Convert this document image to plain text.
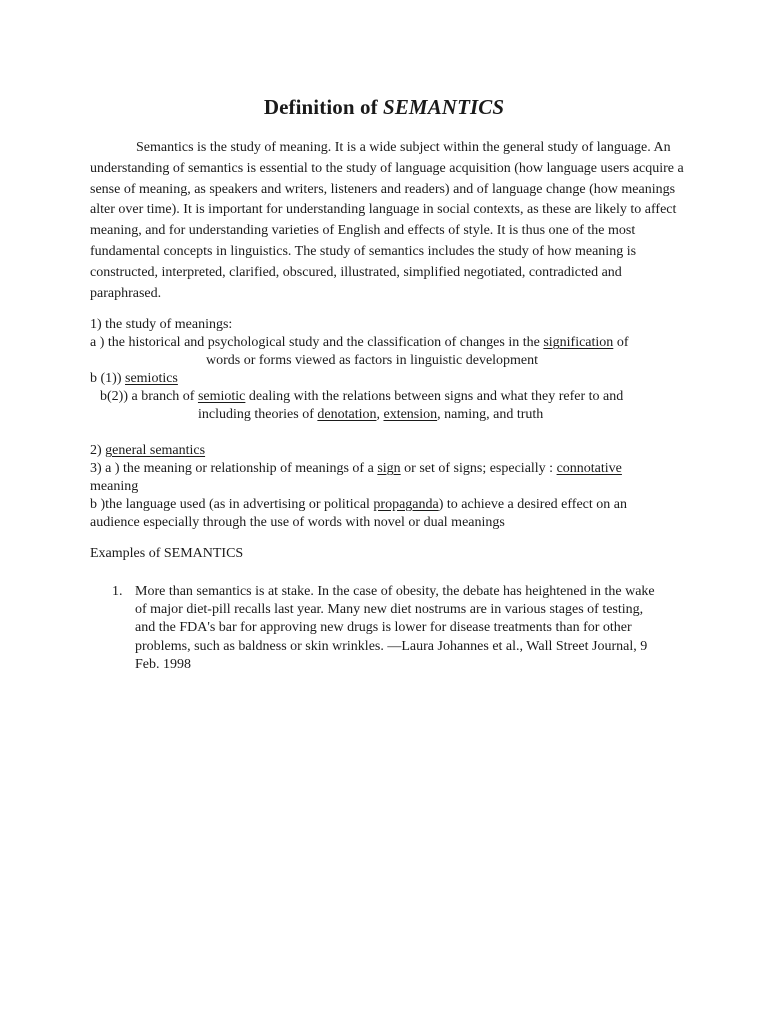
Definition of SEMANTICS
Semantics is the study of meaning. It is a wide subject within the general study of language. An understanding of semantics is essential to the study of language acquisition (how language users acquire a sense of meaning, as speakers and writers, listeners and readers) and of language change (how meanings alter over time). It is important for understanding language in social contexts, as these are likely to affect meaning, and for understanding varieties of English and effects of style. It is thus one of the most fundamental concepts in linguistics. The study of semantics includes the study of how meaning is constructed, interpreted, clarified, obscured, illustrated, simplified negotiated, contradicted and paraphrased.
1) the study of meanings:
a ) the historical and psychological study and the classification of changes in the signification of
words or forms viewed as factors in linguistic development
b (1)) semiotics
b(2)) a branch of semiotic dealing with the relations between signs and what they refer to and
including theories of denotation, extension, naming, and truth
2) general semantics
3) a ) the meaning or relationship of meanings of a sign or set of signs; especially : connotative
meaning
b )the language used (as in advertising or political propaganda) to achieve a desired effect on an
audience especially through the use of words with novel or dual meanings
Examples of SEMANTICS
1. More than semantics is at stake. In the case of obesity, the debate has heightened in the wake of major diet-pill recalls last year. Many new diet nostrums are in various stages of testing, and the FDA's bar for approving new drugs is lower for disease treatments than for other problems, such as baldness or skin wrinkles. —Laura Johannes et al., Wall Street Journal, 9 Feb. 1998
